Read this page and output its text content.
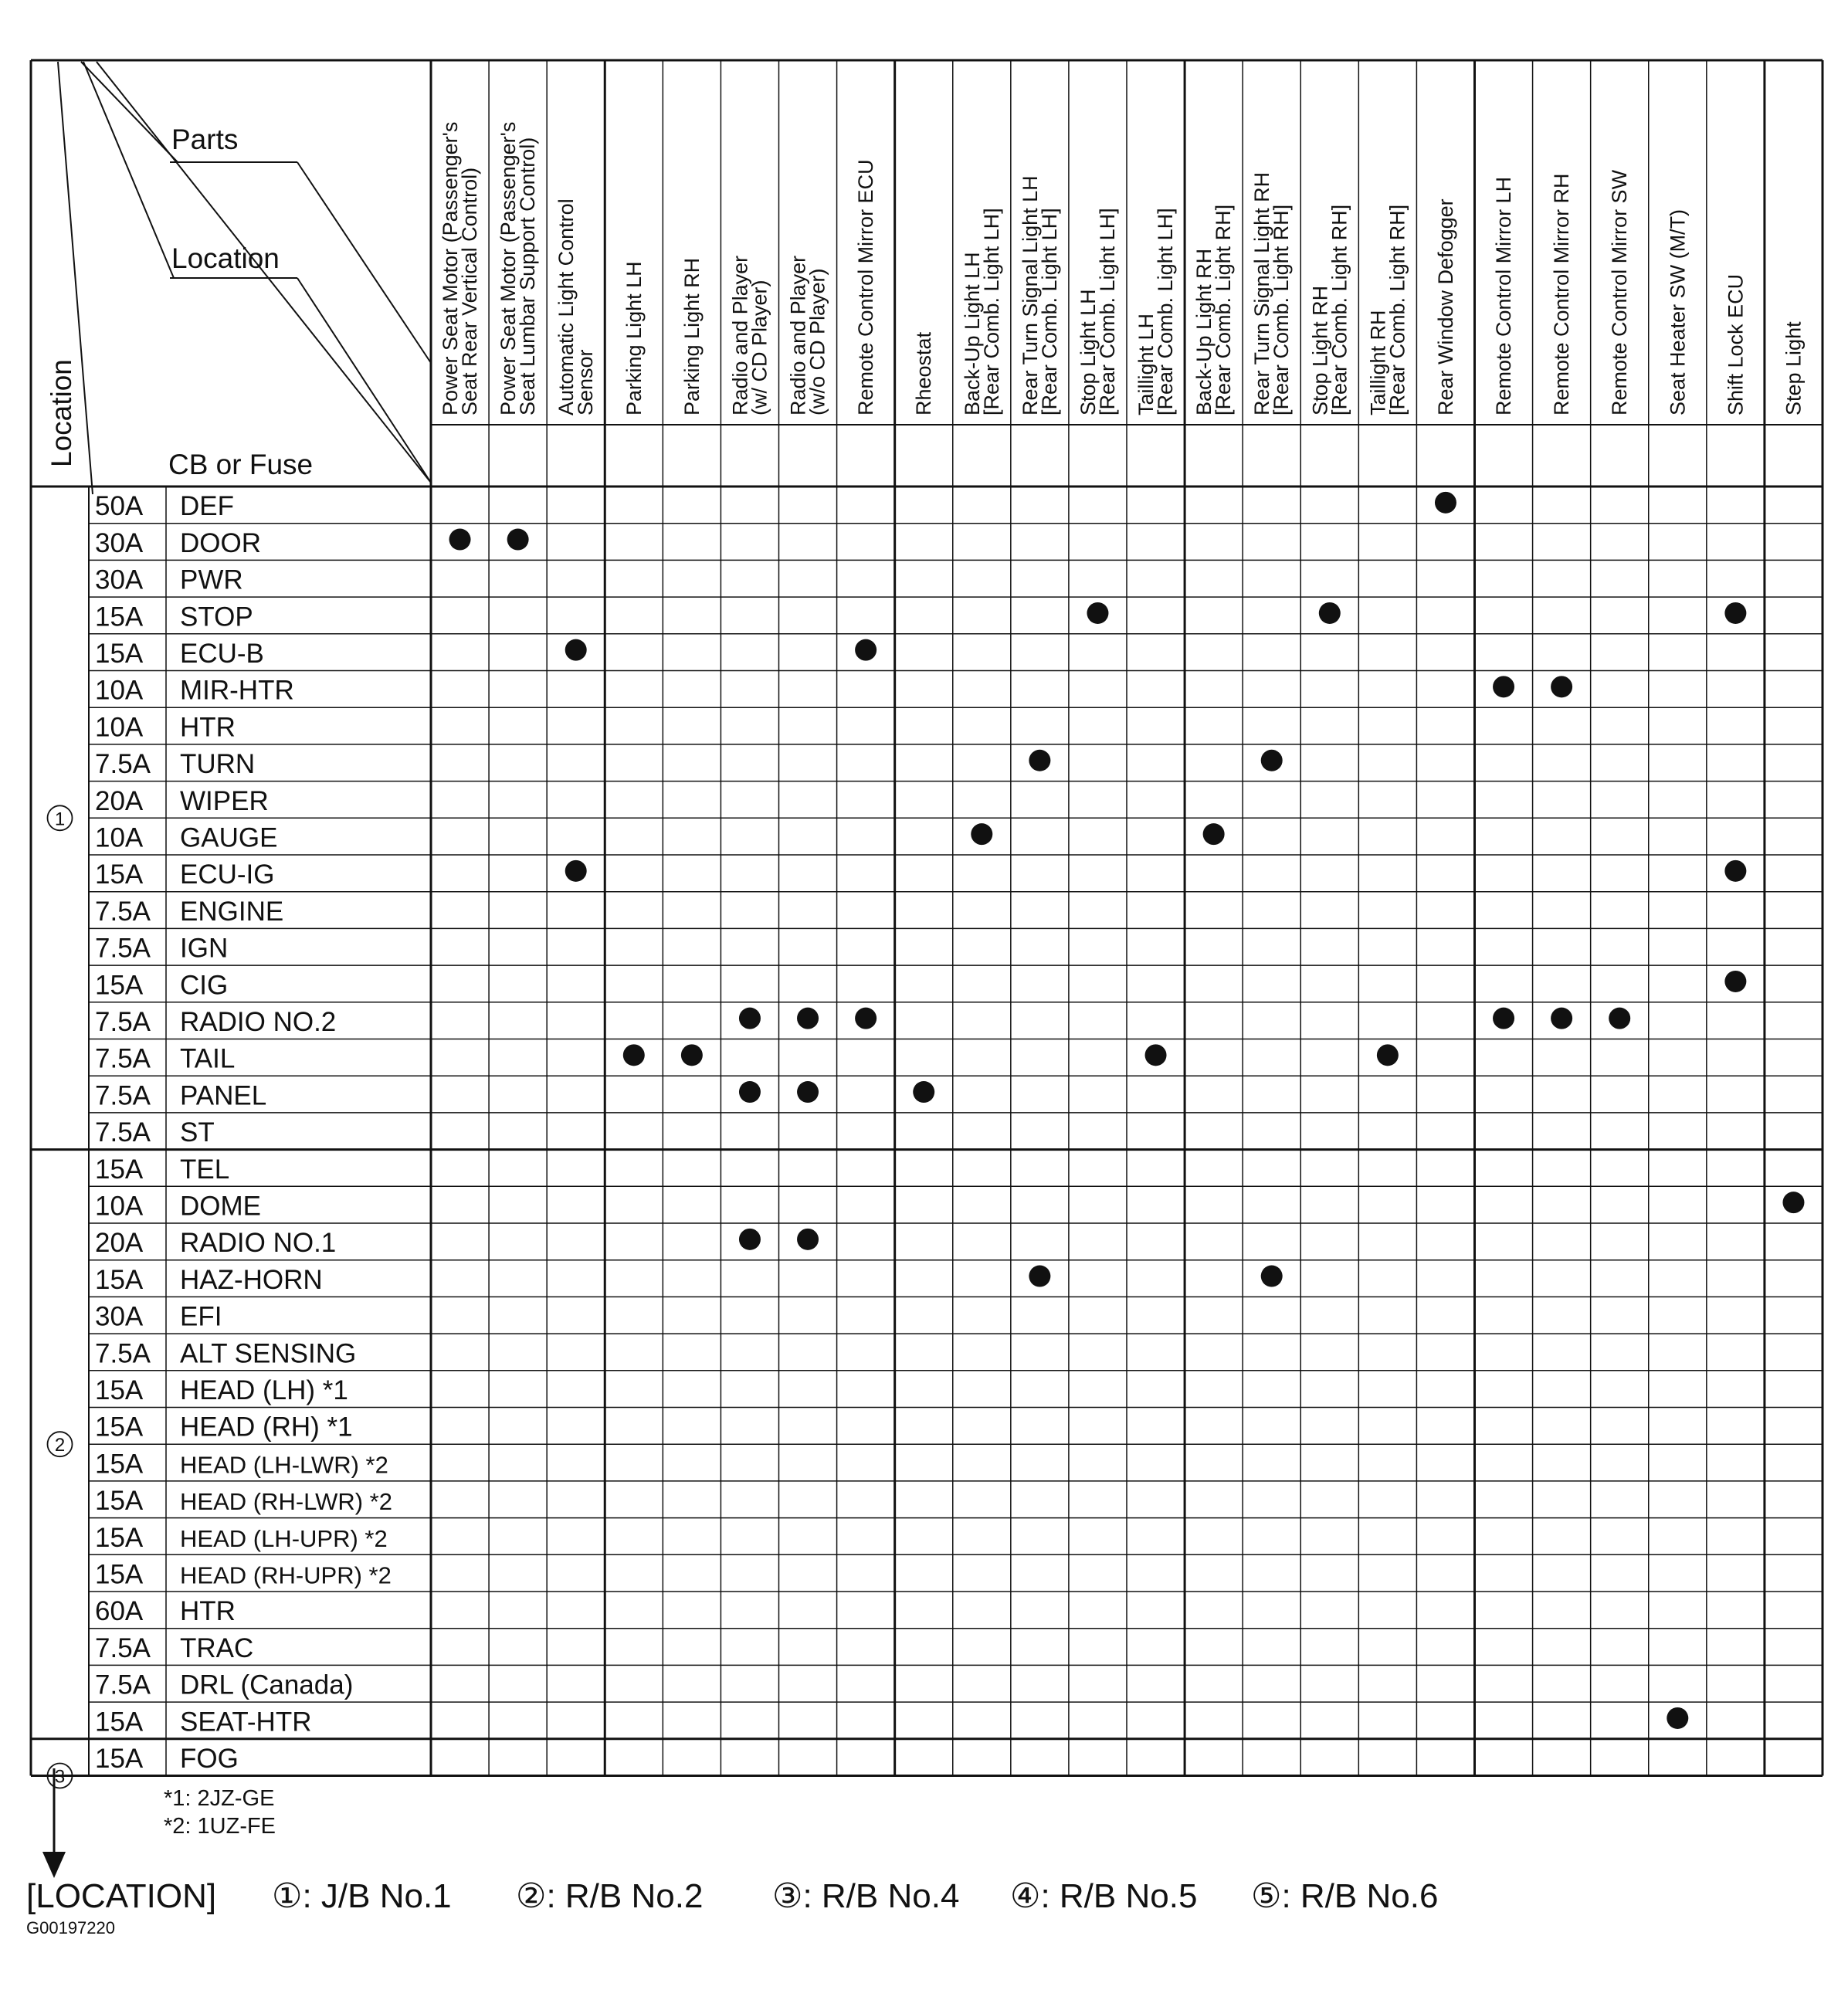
Parts
Location
CB or Fuse
Location	Power Seat Motor (Passenger's
Seat Rear Vertical Control) Power Seat Motor (Passenger's
Seat Lumbar Support Control) Automatic Light Control
Sensor Parking Light LH Parking Light RH Radio and Player
(w/ CD Player) Radio and Player
(w/o CD Player) Remote Control Mirror ECU Rheostat Back-Up Light LH
[Rear Comb. Light LH] Rear Turn Signal Light LH
[Rear Comb. Light LH] Stop Light LH
[Rear Comb. Light LH] Taillight LH
[Rear Comb. Light LH] Back-Up Light RH
[Rear Comb. Light RH] Rear Turn Signal Light RH
[Rear Comb. Light RH] Stop Light RH
[Rear Comb. Light RH] Taillight RH
[Rear Comb. Light RH] Rear Window Defogger Remote Control Mirror LH Remote Control Mirror RH Remote Control Mirror SW Seat Heater SW (M/T) Shift Lock ECU Step Light
50A DEF
30A DOOR
30A PWR
15A STOP
15A ECU-B
10A MIR-HTR
10A HTR
7.5A TURN
20A WIPER
10A GAUGE
15A ECU-IG
7.5A ENGINE
7.5A IGN
15A CIG
7.5A RADIO NO.2
7.5A TAIL
7.5A PANEL
7.5A ST
15A TEL
10A DOME
20A RADIO NO.1
15A HAZ-HORN
30A EFI
7.5A ALT SENSING
15A HEAD (LH) *1
15A HEAD (RH) *1
15A HEAD (LH-LWR) *2
15A HEAD (RH-LWR) *2
15A HEAD (LH-UPR) *2
15A HEAD (RH-UPR) *2
60A HTR
7.5A TRAC
7.5A DRL (Canada)
15A SEAT-HTR
15A FOG
1
2
3
*1: 2JZ-GE
*2: 1UZ-FE
[LOCATION] ①: J/B No.1 ②: R/B No.2 ③: R/B No.4 ④: R/B No.5 ⑤: R/B No.6
G00197220
